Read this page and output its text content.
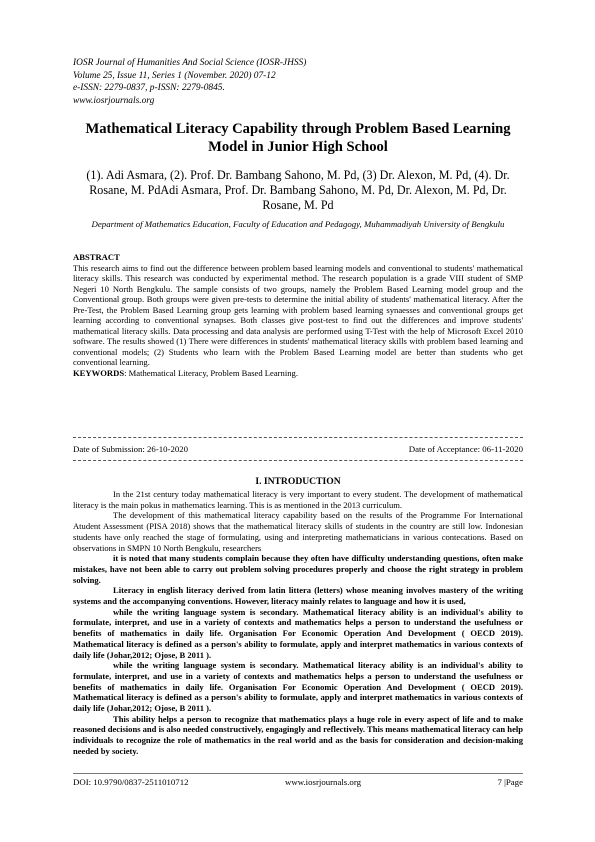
IOSR Journal of Humanities And Social Science (IOSR-JHSS)
Volume 25, Issue 11, Series 1 (November. 2020) 07-12
e-ISSN: 2279-0837, p-ISSN: 2279-0845.
www.iosrjournals.org
Mathematical Literacy Capability through Problem Based Learning Model in Junior High School
(1). Adi Asmara, (2). Prof. Dr. Bambang Sahono, M. Pd, (3) Dr. Alexon, M. Pd, (4). Dr. Rosane, M. PdAdi Asmara, Prof. Dr. Bambang Sahono, M. Pd, Dr. Alexon, M. Pd, Dr. Rosane, M. Pd
Department of Mathematics Education, Faculty of Education and Pedagogy, Muhammadiyah University of Bengkulu
ABSTRACT
This research aims to find out the difference between problem based learning models and conventional to students' mathematical literacy skills. This research was conducted by experimental method. The research population is a grade VIII student of SMP Negeri 10 North Bengkulu. The sample consists of two groups, namely the Problem Based Learning model group and the Conventional group. Both groups were given pre-tests to determine the initial ability of students' mathematical literacy. After the Pre-Test, the Problem Based Learning group gets learning with problem based learning synaesses and conventional groups get learning according to conventional synapses. Both classes give post-test to find out the differences and improve students' mathematical literacy skills. Data processing and data analysis are performed using T-Test with the help of Microsoft Excel 2010 software. The results showed (1) There were differences in students' mathematical literacy skills with problem based learning and conventional models; (2) Students who learn with the Problem Based Learning model are better than students who get conventional learning.
KEYWORDS: Mathematical Literacy, Problem Based Learning.
Date of Submission: 26-10-2020	Date of Acceptance: 06-11-2020
I. INTRODUCTION

In the 21st century today mathematical literacy is very important to every student. The development of mathematical literacy is the main pokus in mathematics learning. This is as mentioned in the 2013 curriculum.

The development of this mathematical literacy capability based on the results of the Programme For International Atudent Assessment (PISA 2018) shows that the mathematical literacy skills of students in the country are still low. Indonesian students have only reached the stage of formulating, using and interpreting mathematicians in various contecations. Based on observations in SMPN 10 North Bengkulu, researchers

it is noted that many students complain because they often have difficulty understanding questions, often make mistakes, have not been able to carry out problem solving procedures properly and choose the right strategy in problem solving.

Literacy in english literacy derived from latin littera (letters) whose meaning involves mastery of the writing systems and the accompanying conventions. However, literacy mainly relates to language and how it is used,

while the writing language system is secondary. Mathematical literacy ability is an individual's ability to formulate, interpret, and use in a variety of contexts and mathematics helps a person to understand the usefulness or benefits of mathematics in daily life. Organisation For Economic Operation And Development ( OECD 2019). Mathematical literacy is defined as a person's ability to formulate, apply and interpret mathematics in various contexts of daily life (Johar,2012; Ojose, B 2011 ).

while the writing language system is secondary. Mathematical literacy ability is an individual's ability to formulate, interpret, and use in a variety of contexts and mathematics helps a person to understand the usefulness or benefits of mathematics in daily life. Organisation For Economic Operation And Development ( OECD 2019). Mathematical literacy is defined as a person's ability to formulate, apply and interpret mathematics in various contexts of daily life (Johar,2012; Ojose, B 2011 ).

This ability helps a person to recognize that mathematics plays a huge role in every aspect of life and to make reasoned decisions and is also needed constructively, engagingly and reflectively. This means mathematical literacy can help individuals to recognize the role of mathematics in the real world and as the basis for consideration and decision-making needed by society.

DOI: 10.9790/0837-2511010712	www.iosrjournals.org	7 |Page
